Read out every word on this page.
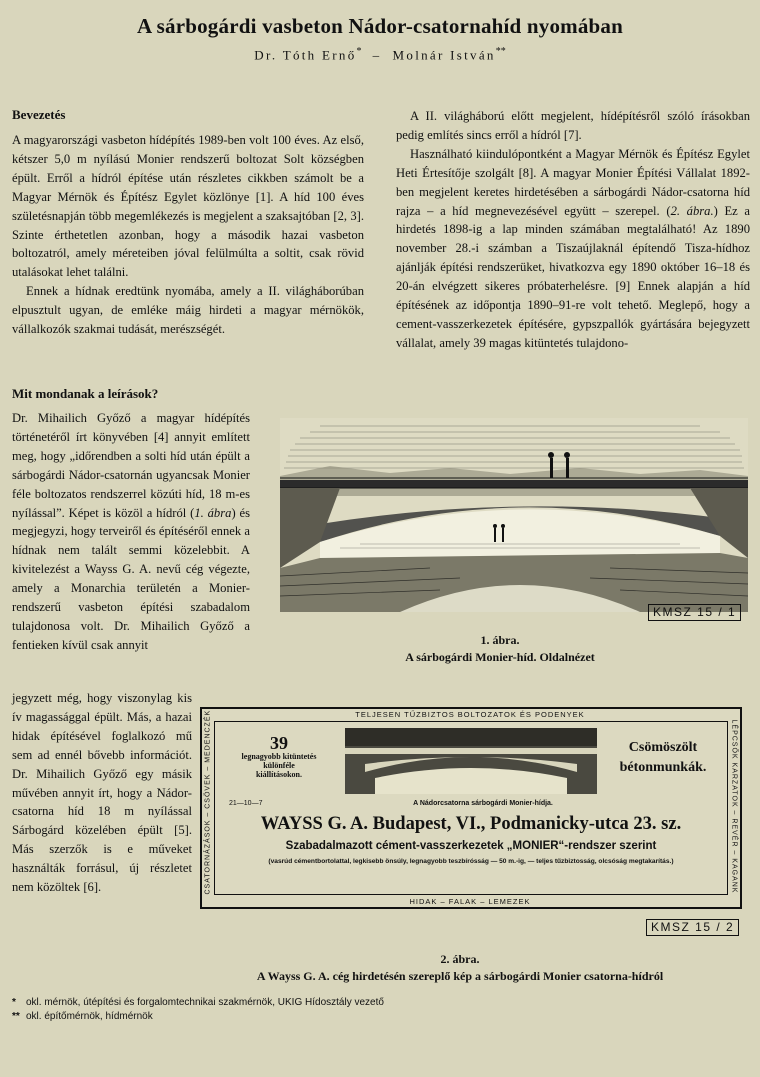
A sárbogárdi vasbeton Nádor-csatornahíd nyomában
Dr. Tóth Ernő* – Molnár István**
Bevezetés

A magyarországi vasbeton hídépítés 1989-ben volt 100 éves. Az első, kétszer 5,0 m nyílású Monier rendszerű boltozat Solt községben épült. Erről a hídról építése után részletes cikkben számolt be a Magyar Mérnök és Építész Egylet közlönye [1]. A híd 100 éves születésnapján több megemlékezés is megjelent a szaksajtóban [2, 3]. Szinte érthetetlen azonban, hogy a második hazai vasbeton boltozatról, amely méreteiben jóval felülmúlta a soltit, csak rövid utalásokat lehet találni.

Ennek a hídnak eredtünk nyomába, amely a II. világháborúban elpusztult ugyan, de emléke máig hirdeti a magyar mérnökök, vállalkozók szakmai tudását, merészségét.

Mit mondanak a leírások?

Dr. Mihailich Győző a magyar hídépítés történetéről írt könyvében [4] annyit említett meg, hogy „időrendben a solti híd után épült a sárbogárdi Nádor-csatornán ugyancsak Monier féle boltozatos rendszerrel közúti híd, 18 m-es nyílással”. Képet is közöl a hídról (1. ábra) és megjegyzi, hogy terveiről és építéséről ennek a hídnak nem talált semmi közelebbit. A kivitelezést a Wayss G. A. nevű cég végezte, amely a Monarchia területén a Monier-rendszerű vasbeton építési szabadalom tulajdonosa volt. Dr. Mihailich Győző a fentieken kívül csak annyit

jegyzett még, hogy viszonylag kis ív magassággal épült. Más, a hazai hidak építésével foglalkozó mű sem ad ennél bővebb információt. Dr. Mihailich Győző egy másik művében annyit írt, hogy a Nádor-csatorna híd 18 m nyílással Sárbogárd közelében épült [5]. Más szerzők is e műveket használták forrásul, új részletet nem közöltek [6].

A II. világháború előtt megjelent, hídépítésről szóló írásokban pedig említés sincs erről a hídról [7].

Használható kiindulópontként a Magyar Mérnök és Építész Egylet Heti Értesítője szolgált [8]. A magyar Monier Építési Vállalat 1892-ben megjelent keretes hirdetésében a sárbogárdi Nádor-csatorna híd rajza – a híd megnevezésével együtt – szerepel. (2. ábra.) Ez a hirdetés 1898-ig a lap minden számában megtalálható! Az 1890 november 28.-i számban a Tiszaújlaknál építendő Tisza-hídhoz ajánlják építési rendszerüket, hivatkozva egy 1890 október 16–18 és 20-án elvégzett sikeres próbaterhelésre. [9] Ennek alapján a híd építésének az időpontja 1890–91-re volt tehető. Meglepő, hogy a cement-vasszerkezetek építésére, gypszpallók gyártására bejegyzett vállalat, amely 39 magas kitüntetés tulajdono-

KMSZ 15 / 1
1. ábra.
A sárbogárdi Monier-híd. Oldalnézet
TELJESEN TŰZBIZTOS BOLTOZATOK ÉS PODENYEK
HIDAK – FALAK – LEMEZEK
CSATORNÁZÁSOK – CSÖVEK – MEDENCZÉK	LÉPCSŐK KARZATOK – REVÉR – KAGANK
39
legnagyobb kitüntetés
különféle
kiállításokon.
Csömöszölt
bétonmunkák.
21—10—7	A Nádorcsatorna sárbogárdi Monier-hídja.
WAYSS G. A. Budapest, VI., Podmanicky-utca 23. sz.
Szabadalmazott cément-vasszerkezetek „MONIER“-rendszer szerint
(vasrúd cémentbortolattal, legkisebb önsúly, legnagyobb teszbírósság — 50 m.-ig, — teljes tűzbiztosság, olcsóság megtakarítás.)
KMSZ 15 / 2
2. ábra.
A Wayss G. A. cég hirdetésén szereplő kép a sárbogárdi Monier csatorna-hídról
* okl. mérnök, útépítési és forgalomtechnikai szakmérnök, UKIG Hídosztály vezető
** okl. építőmérnök, hídmérnök
